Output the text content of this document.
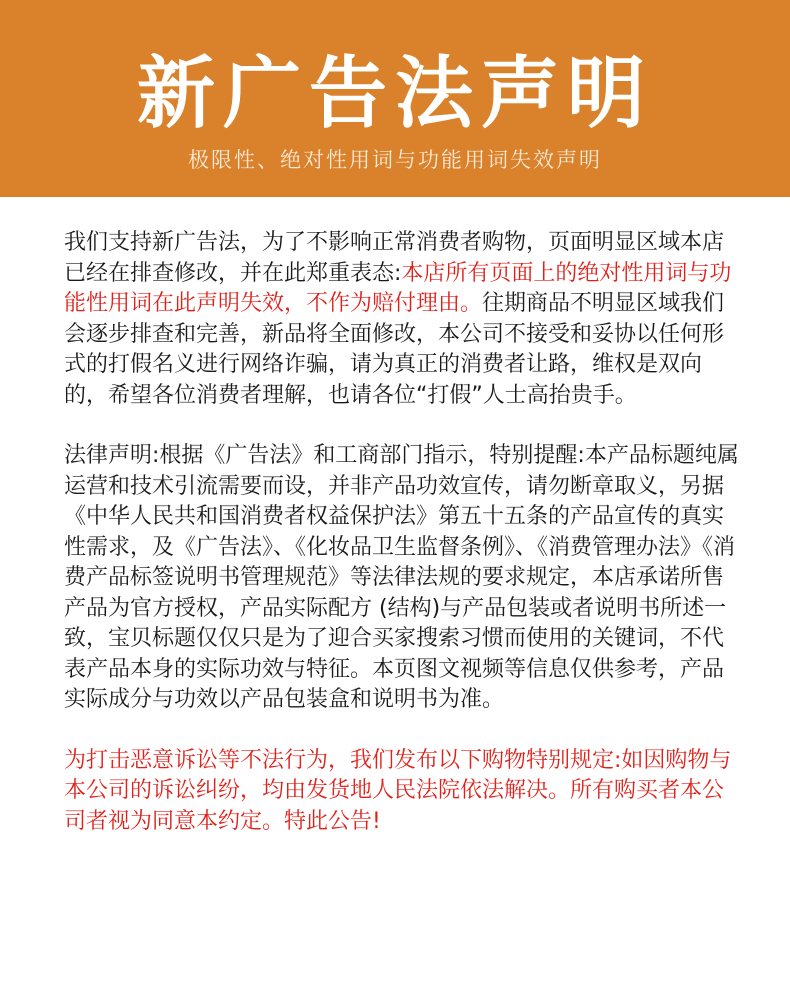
新广告法声明
极限性、绝对性用词与功能用词失效声明

我们支持新广告法，为了不影响正常消费者购物，页面明显区域本店已经在排查修改，并在此郑重表态:本店所有页面上的绝对性用词与功能性用词在此声明失效，不作为赔付理由。往期商品不明显区域我们会逐步排查和完善，新品将全面修改，本公司不接受和妥协以任何形式的打假名义进行网络诈骗，请为真正的消费者让路，维权是双向的，希望各位消费者理解，也请各位“打假”人士高抬贵手。

法律声明:根据《广告法》和工商部门指示，特别提醒:本产品标题纯属运营和技术引流需要而设，并非产品功效宣传，请勿断章取义，另据《中华人民共和国消费者权益保护法》第五十五条的产品宣传的真实性需求，及《广告法》、《化妆品卫生监督条例》、《消费管理办法》《消费产品标签说明书管理规范》等法律法规的要求规定，本店承诺所售产品为官方授权，产品实际配方 (结构)与产品包装或者说明书所述一致，宝贝标题仅仅只是为了迎合买家搜索习惯而使用的关键词，不代表产品本身的实际功效与特征。本页图文视频等信息仅供参考，产品实际成分与功效以产品包装盒和说明书为准。

为打击恶意诉讼等不法行为，我们发布以下购物特别规定:如因购物与本公司的诉讼纠纷，均由发货地人民法院依法解决。所有购买者本公司者视为同意本约定。特此公告!
